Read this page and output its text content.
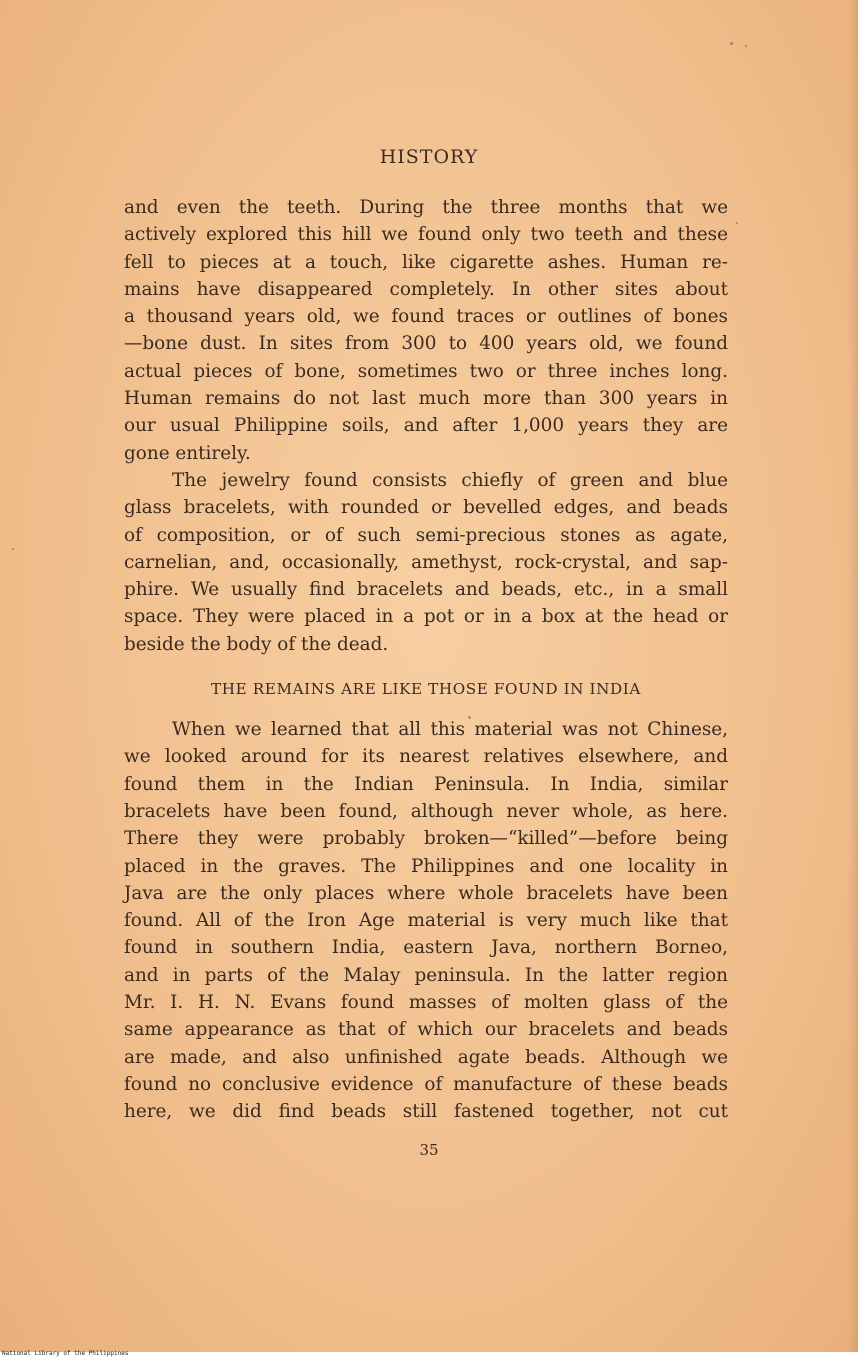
HISTORY
and even the teeth. During the three months that we
actively explored this hill we found only two teeth and these
fell to pieces at a touch, like cigarette ashes. Human re-
mains have disappeared completely. In other sites about
a thousand years old, we found traces or outlines of bones
—bone dust. In sites from 300 to 400 years old, we found
actual pieces of bone, sometimes two or three inches long.
Human remains do not last much more than 300 years in
our usual Philippine soils, and after 1,000 years they are
gone entirely.
The jewelry found consists chiefly of green and blue
glass bracelets, with rounded or bevelled edges, and beads
of composition, or of such semi-precious stones as agate,
carnelian, and, occasionally, amethyst, rock-crystal, and sap-
phire. We usually find bracelets and beads, etc., in a small
space. They were placed in a pot or in a box at the head or
beside the body of the dead.
THE REMAINS ARE LIKE THOSE FOUND IN INDIA
When we learned that all this material was not Chinese,
we looked around for its nearest relatives elsewhere, and
found them in the Indian Peninsula. In India, similar
bracelets have been found, although never whole, as here.
There they were probably broken—“killed”—before being
placed in the graves. The Philippines and one locality in
Java are the only places where whole bracelets have been
found. All of the Iron Age material is very much like that
found in southern India, eastern Java, northern Borneo,
and in parts of the Malay peninsula. In the latter region
Mr. I. H. N. Evans found masses of molten glass of the
same appearance as that of which our bracelets and beads
are made, and also unfinished agate beads. Although we
found no conclusive evidence of manufacture of these beads
here, we did find beads still fastened together, not cut
35
National Library of the Philippines
